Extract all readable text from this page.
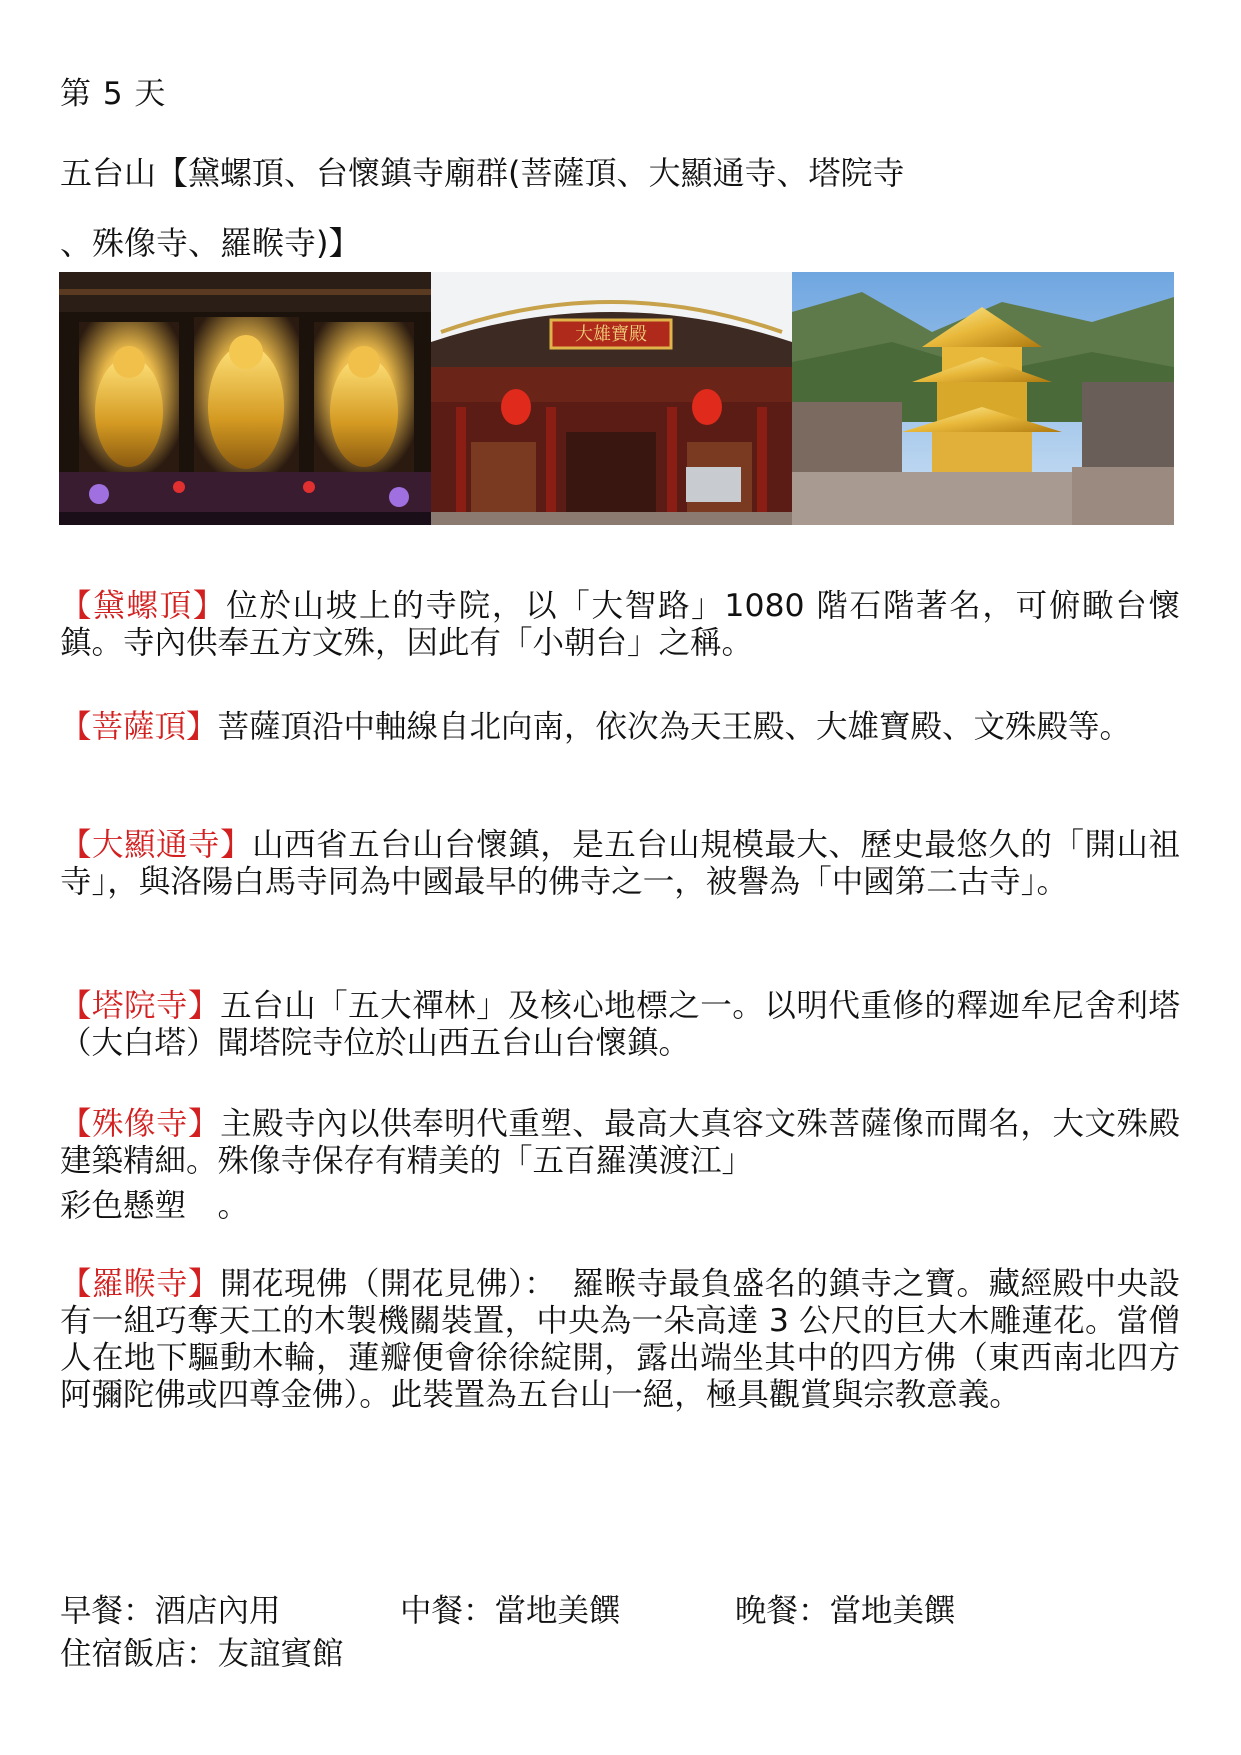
第 5 天
五台山【黛螺頂、台懷鎮寺廟群(菩薩頂、大顯通寺、塔院寺
、殊像寺、羅睺寺)】
大雄寶殿
【黛螺頂】位於山坡上的寺院，以「大智路」1080 階石階著名，可俯瞰台懷鎮。寺內供奉五方文殊，因此有「小朝台」之稱。
【菩薩頂】菩薩頂沿中軸線自北向南，依次為天王殿、大雄寶殿、文殊殿等。
【大顯通寺】山西省五台山台懷鎮，是五台山規模最大、歷史最悠久的「開山祖寺」，與洛陽白馬寺同為中國最早的佛寺之一，被譽為「中國第二古寺」。
【塔院寺】五台山「五大禪林」及核心地標之一。以明代重修的釋迦牟尼舍利塔（大白塔）聞塔院寺位於山西五台山台懷鎮。
【殊像寺】主殿寺內以供奉明代重塑、最高大真容文殊菩薩像而聞名，大文殊殿建築精細。殊像寺保存有精美的「五百羅漢渡江」
彩色懸塑　。
【羅睺寺】開花現佛（開花見佛）：　羅睺寺最負盛名的鎮寺之寶。藏經殿中央設有一組巧奪天工的木製機關裝置，中央為一朵高達 3 公尺的巨大木雕蓮花。當僧人在地下驅動木輪，蓮瓣便會徐徐綻開，露出端坐其中的四方佛（東西南北四方阿彌陀佛或四尊金佛）。此裝置為五台山一絕，極具觀賞與宗教意義。
早餐：酒店內用	中餐：當地美饌	晚餐：當地美饌
住宿飯店：友誼賓館
